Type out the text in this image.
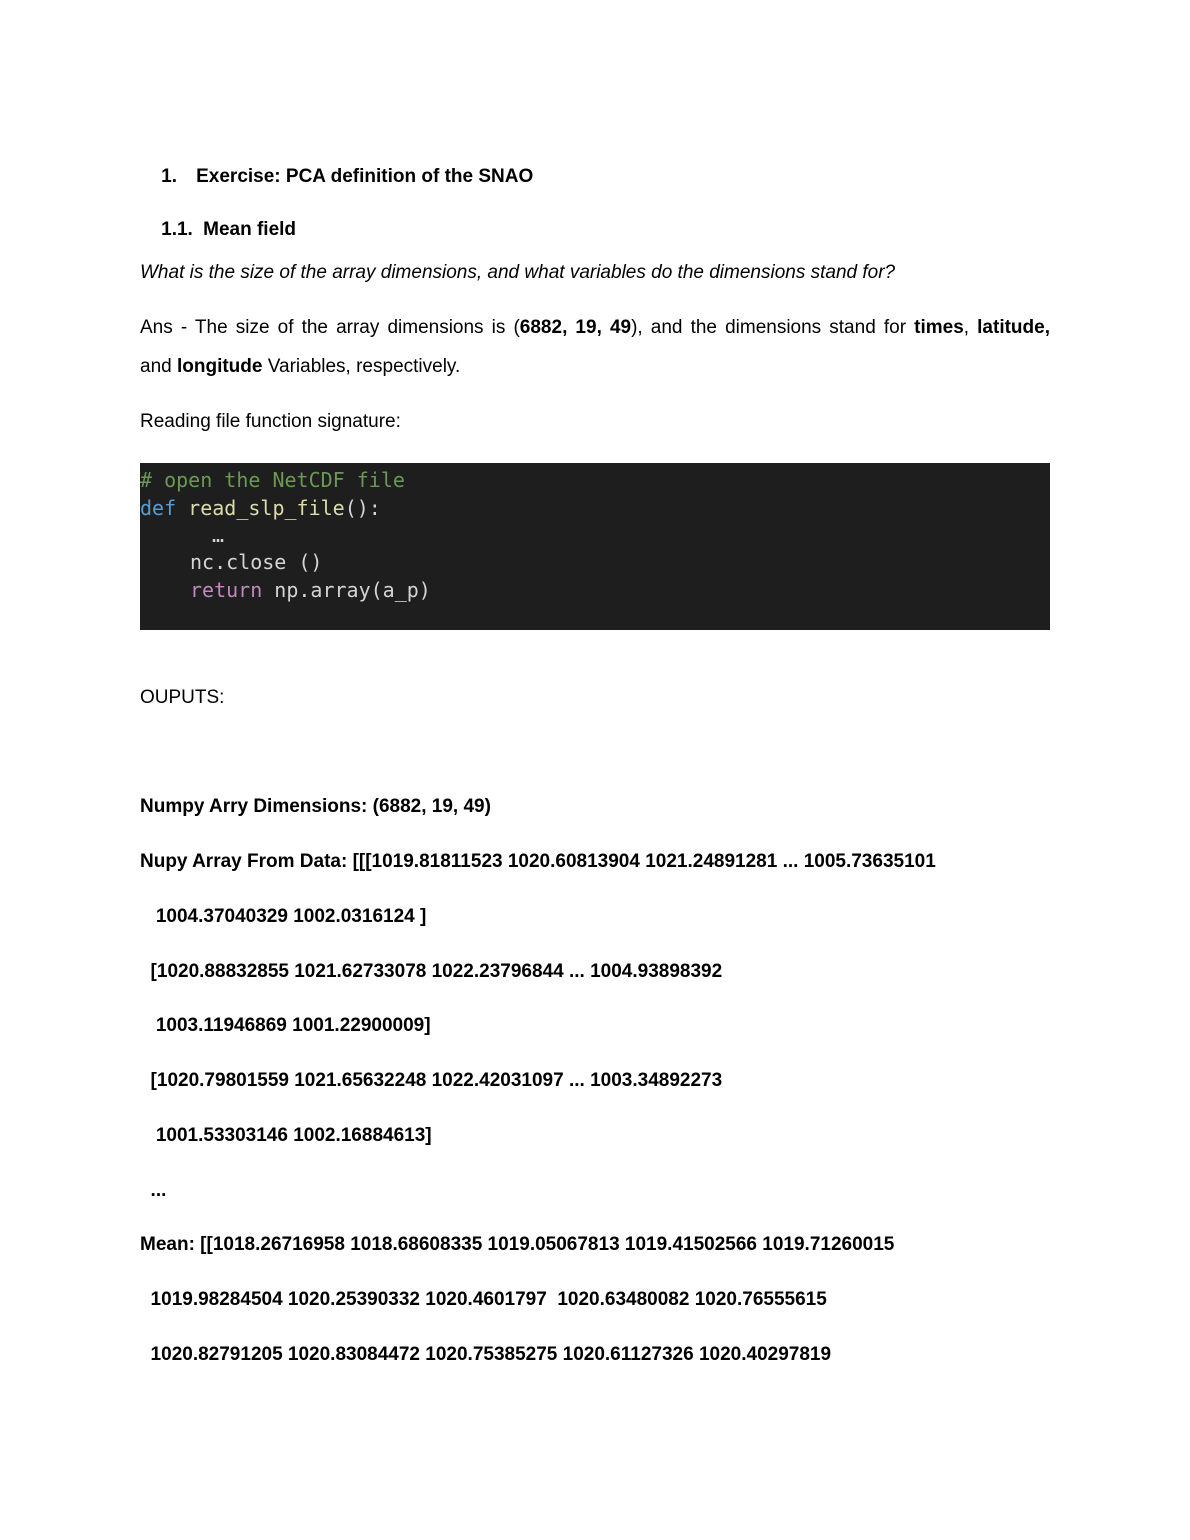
1. Exercise: PCA definition of the SNAO

1.1. Mean field

What is the size of the array dimensions, and what variables do the dimensions stand for?
Ans - The size of the array dimensions is (6882, 19, 49), and the dimensions stand for times, latitude,
and longitude Variables, respectively.
Reading file function signature:
# open the NetCDF file
def read_slp_file():
…
nc.close ()
return np.array(a_p)
OUPUTS:
Numpy Arry Dimensions: (6882, 19, 49)
Nupy Array From Data: [[[1019.81811523 1020.60813904 1021.24891281 ... 1005.73635101
1004.37040329 1002.0316124 ]
[1020.88832855 1021.62733078 1022.23796844 ... 1004.93898392
1003.11946869 1001.22900009]
[1020.79801559 1021.65632248 1022.42031097 ... 1003.34892273
1001.53303146 1002.16884613]
...
Mean: [[1018.26716958 1018.68608335 1019.05067813 1019.41502566 1019.71260015
1019.98284504 1020.25390332 1020.4601797  1020.63480082 1020.76555615
1020.82791205 1020.83084472 1020.75385275 1020.61127326 1020.40297819
